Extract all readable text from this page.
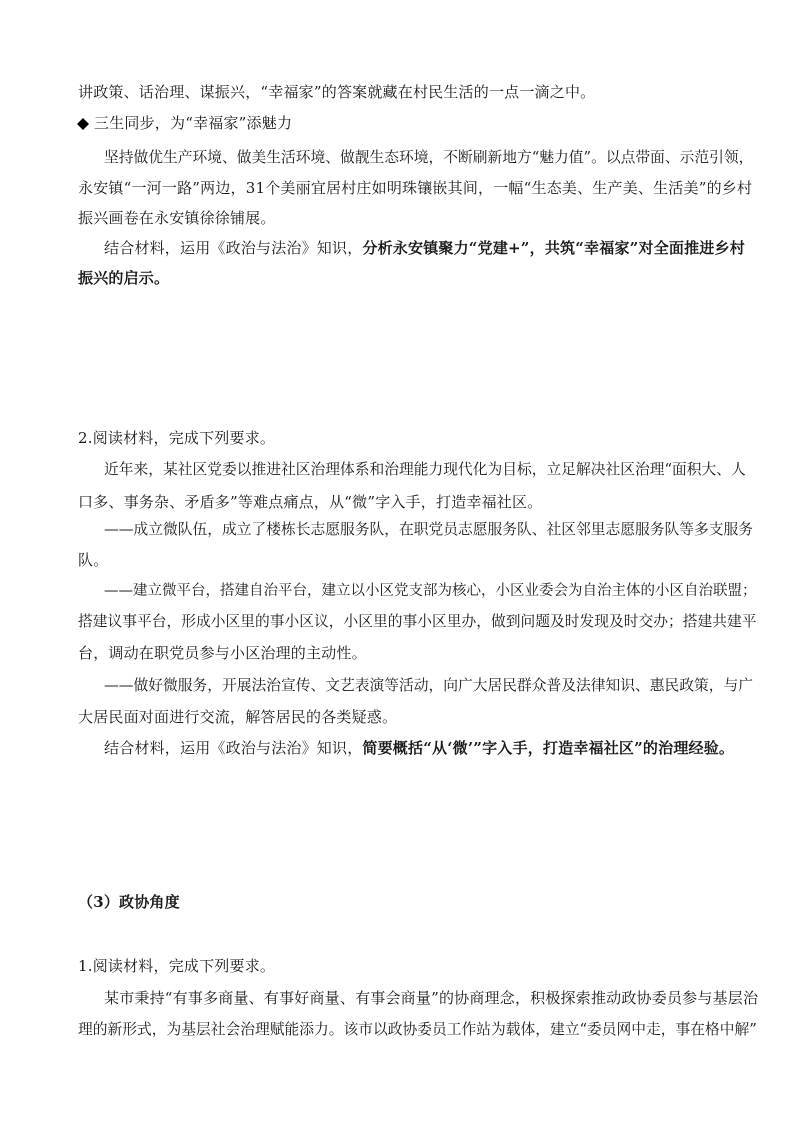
讲政策、话治理、谋振兴，“幸福家”的答案就藏在村民生活的一点一滴之中。
三生同步，为“幸福家”添魅力
坚持做优生产环境、做美生活环境、做靓生态环境，不断刷新地方“魅力值”。以点带面、示范引领，
永安镇“一河一路”两边，31个美丽宜居村庄如明珠镶嵌其间，一幅“生态美、生产美、生活美”的乡村
振兴画卷在永安镇徐徐铺展。
结合材料，运用《政治与法治》知识，分析永安镇聚力“党建+”，共筑“幸福家”对全面推进乡村
振兴的启示。
2.阅读材料，完成下列要求。
近年来，某社区党委以推进社区治理体系和治理能力现代化为目标，立足解决社区治理“面积大、人
口多、事务杂、矛盾多”等难点痛点，从“微”字入手，打造幸福社区。
——成立微队伍，成立了楼栋长志愿服务队，在职党员志愿服务队、社区邻里志愿服务队等多支服务
队。
——建立微平台，搭建自治平台，建立以小区党支部为核心，小区业委会为自治主体的小区自治联盟；
搭建议事平台，形成小区里的事小区议，小区里的事小区里办，做到问题及时发现及时交办；搭建共建平
台，调动在职党员参与小区治理的主动性。
——做好微服务，开展法治宣传、文艺表演等活动，向广大居民群众普及法律知识、惠民政策，与广
大居民面对面进行交流，解答居民的各类疑惑。
结合材料，运用《政治与法治》知识，简要概括“从‘微’”字入手，打造幸福社区”的治理经验。
（3）政协角度
1.阅读材料，完成下列要求。
某市秉持“有事多商量、有事好商量、有事会商量”的协商理念，积极探索推动政协委员参与基层治
理的新形式，为基层社会治理赋能添力。该市以政协委员工作站为载体，建立“委员网中走，事在格中解”
